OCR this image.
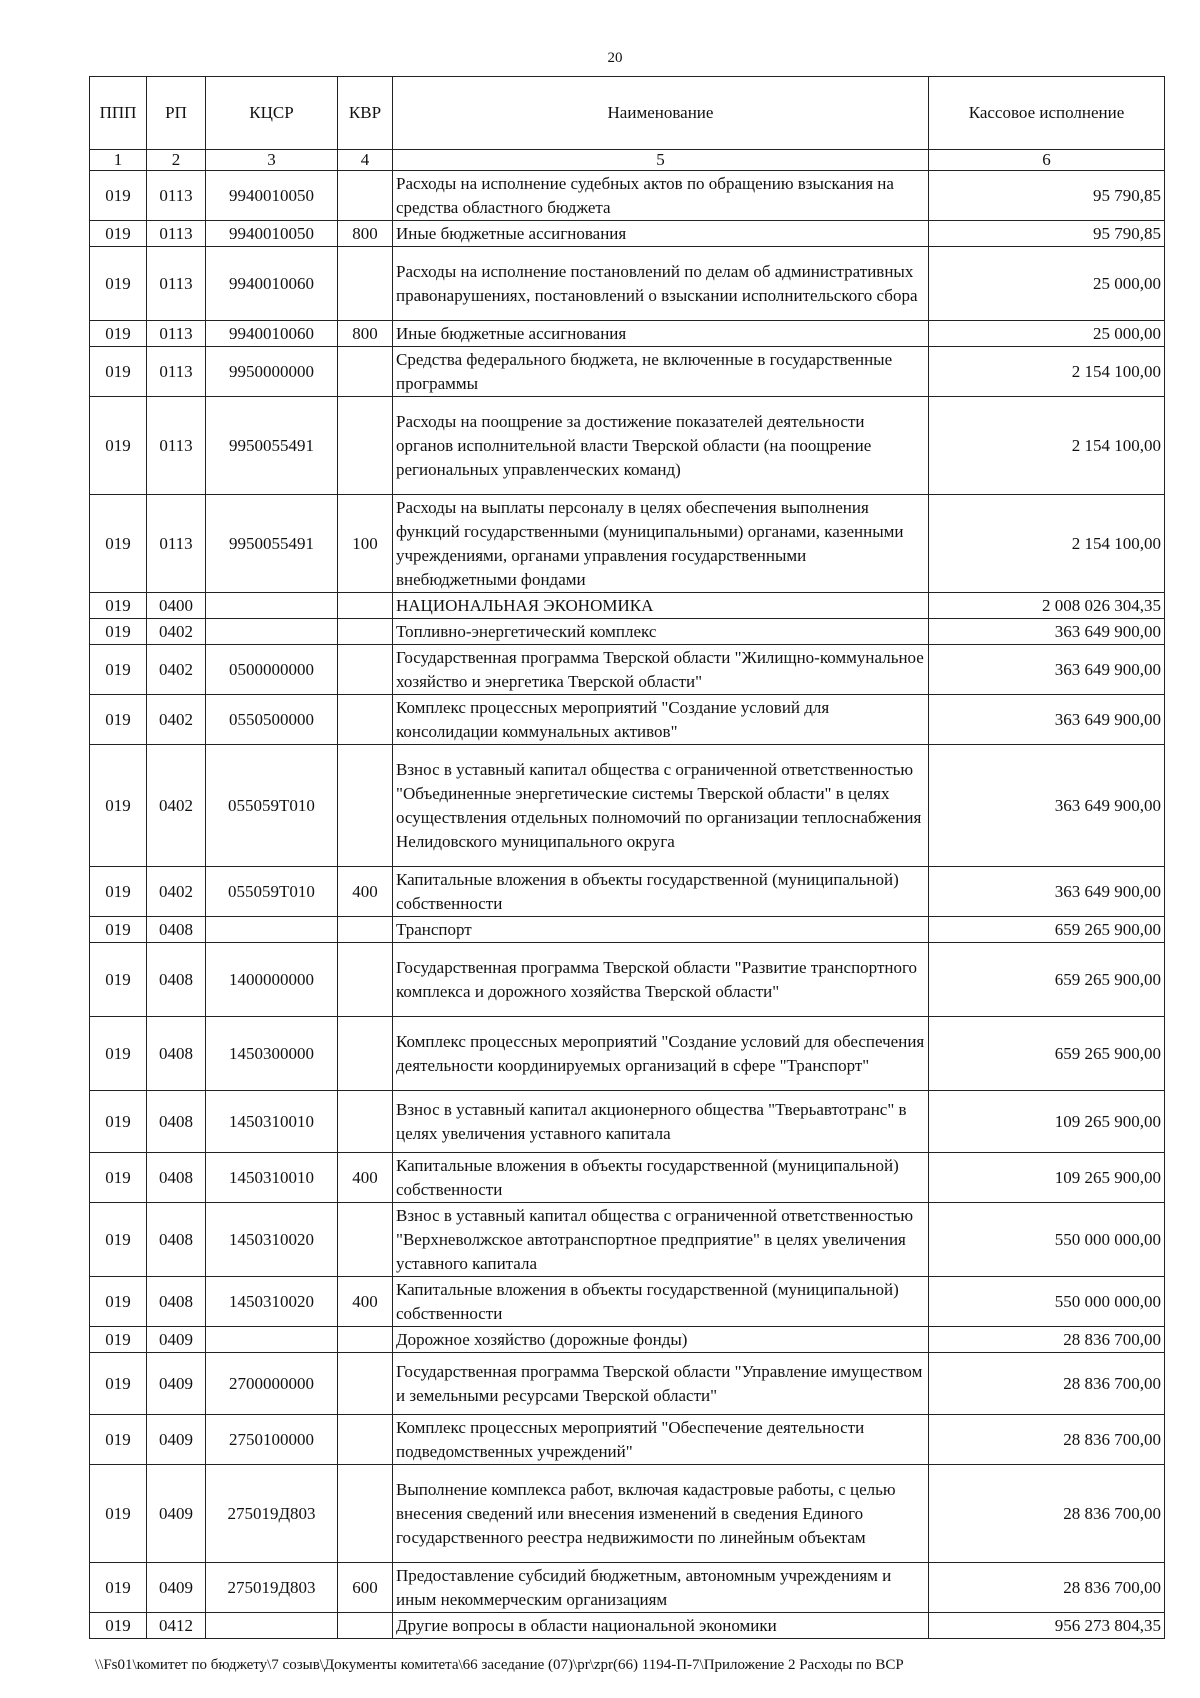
20
ППП	РП	КЦСР	КВР	Наименование	Кассовое исполнение
1	2	3	4	5	6
019	0113	9940010050		Расходы на исполнение судебных актов по обращению взыскания на средства областного бюджета	95 790,85
019	0113	9940010050	800	Иные бюджетные ассигнования	95 790,85
019	0113	9940010060		Расходы на исполнение постановлений по делам об административных правонарушениях, постановлений о взыскании исполнительского сбора	25 000,00
019	0113	9940010060	800	Иные бюджетные ассигнования	25 000,00
019	0113	9950000000		Средства федерального бюджета, не включенные в государственные программы	2 154 100,00
019	0113	9950055491		Расходы на поощрение за достижение показателей деятельности органов исполнительной власти Тверской области (на поощрение региональных управленческих команд)	2 154 100,00
019	0113	9950055491	100	Расходы на выплаты персоналу в целях обеспечения выполнения функций государственными (муниципальными) органами, казенными учреждениями, органами управления государственными внебюджетными фондами	2 154 100,00
019	0400			НАЦИОНАЛЬНАЯ ЭКОНОМИКА	2 008 026 304,35
019	0402			Топливно-энергетический комплекс	363 649 900,00
019	0402	0500000000		Государственная программа Тверской области "Жилищно-коммунальное хозяйство и энергетика Тверской области"	363 649 900,00
019	0402	0550500000		Комплекс процессных мероприятий "Создание условий для консолидации коммунальных активов"	363 649 900,00
019	0402	055059Т010		Взнос в уставный капитал общества с ограниченной ответственностью "Объединенные энергетические системы Тверской области" в целях осуществления отдельных полномочий по организации теплоснабжения Нелидовского муниципального округа	363 649 900,00
019	0402	055059Т010	400	Капитальные вложения в объекты государственной (муниципальной) собственности	363 649 900,00
019	0408			Транспорт	659 265 900,00
019	0408	1400000000		Государственная программа Тверской области "Развитие транспортного комплекса и дорожного хозяйства Тверской области"	659 265 900,00
019	0408	1450300000		Комплекс процессных мероприятий "Создание условий для обеспечения деятельности координируемых организаций в сфере "Транспорт"	659 265 900,00
019	0408	1450310010		Взнос в уставный капитал акционерного общества "Тверьавтотранс" в целях увеличения уставного капитала	109 265 900,00
019	0408	1450310010	400	Капитальные вложения в объекты государственной (муниципальной) собственности	109 265 900,00
019	0408	1450310020		Взнос в уставный капитал общества с ограниченной ответственностью "Верхневолжское автотранспортное предприятие" в целях увеличения уставного капитала	550 000 000,00
019	0408	1450310020	400	Капитальные вложения в объекты государственной (муниципальной) собственности	550 000 000,00
019	0409			Дорожное хозяйство (дорожные фонды)	28 836 700,00
019	0409	2700000000		Государственная программа Тверской области "Управление имуществом и земельными ресурсами Тверской области"	28 836 700,00
019	0409	2750100000		Комплекс процессных мероприятий "Обеспечение деятельности подведомственных учреждений"	28 836 700,00
019	0409	275019Д803		Выполнение комплекса работ, включая кадастровые работы, с целью внесения сведений или внесения изменений в сведения Единого государственного реестра недвижимости по линейным объектам	28 836 700,00
019	0409	275019Д803	600	Предоставление субсидий бюджетным, автономным учреждениям и иным некоммерческим организациям	28 836 700,00
019	0412			Другие вопросы в области национальной экономики	956 273 804,35
\\Fs01\комитет по бюджету\7 созыв\Документы комитета\66 заседание (07)\pr\zpr(66) 1194-П-7\Приложение 2 Расходы по ВСР
